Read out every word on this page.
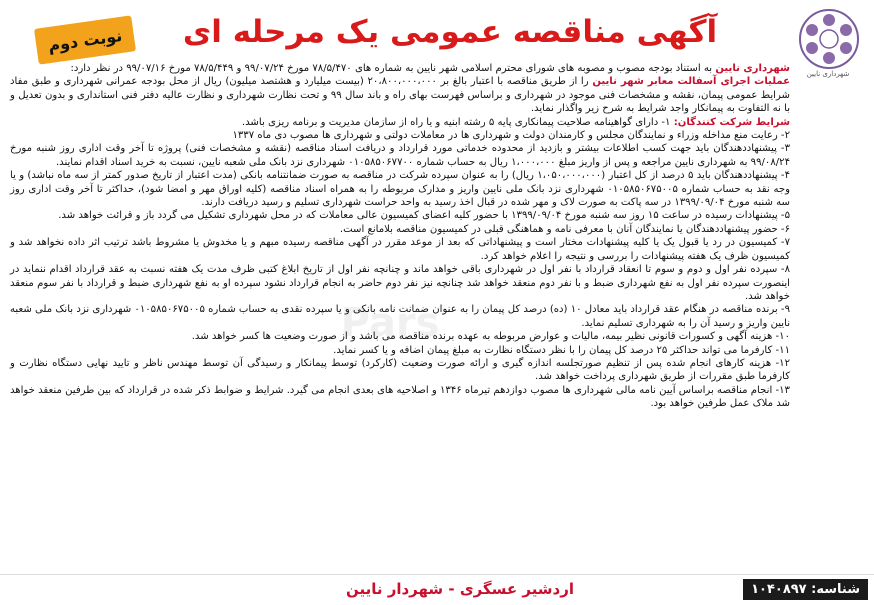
نوبت دوم	آگهی مناقصه عمومی یک مرحله ای
شهرداری نایین
Pars

شهرداری نایین به استناد بودجه مصوب و مصوبه های شورای محترم اسلامی شهر نایین به شماره های ۷۸/۵/۴۷۰ مورخ ۹۹/۰۷/۲۴ و ۷۸/۵/۴۴۹ مورخ ۹۹/۰۷/۱۶ در نظر دارد:

عملیات اجرای آسفالت معابر شهر نایین را از طریق مناقصه با اعتبار بالغ بر ۲۰،۸۰۰،۰۰۰،۰۰۰ (بیست میلیارد و هشتصد میلیون) ریال از محل بودجه عمرانی شهرداری و طبق مفاد شرایط عمومی پیمان، نقشه و مشخصات فنی موجود در شهرداری و براساس فهرست بهای راه و باند سال ۹۹ و تحت نظارت شهرداری و نظارت عالیه دفتر فنی استانداری و بدون تعدیل و با نه التفاوت به پیمانکار واجد شرایط به شرح زیر واگذار نماید.

شرایط شرکت کنندگان: ۱- دارای گواهینامه صلاحیت پیمانکاری پایه ۵ رشته ابنیه و یا راه از سازمان مدیریت و برنامه ریزی باشد.

۲- رعایت منع مداخله وزراء و نمایندگان مجلس و کارمندان دولت و شهرداری ها در معاملات دولتی و شهرداری ها مصوب دی ماه ۱۳۳۷

۳- پیشنهاددهندگان باید جهت کسب اطلاعات بیشتر و بازدید از محدوده خدماتی مورد قرارداد و دریافت اسناد مناقصه (نقشه و مشخصات فنی) پروژه تا آخر وقت اداری روز شنبه مورخ ۹۹/۰۸/۲۴ به شهرداری نایین مراجعه و پس از واریز مبلغ ۱،۰۰۰،۰۰۰ ریال به حساب شماره ۰۱۰۵۸۵۰۶۷۷۰۰ شهرداری نزد بانک ملی شعبه نایین، نسبت به خرید اسناد اقدام نمایند.

۴- پیشنهاددهندگان باید ۵ درصد از کل اعتبار (۱،۰۵۰،۰۰۰،۰۰۰ ریال) را به عنوان سپرده شرکت در مناقصه به صورت ضمانتنامه بانکی (مدت اعتبار از تاریخ صدور کمتر از سه ماه نباشد) و یا وجه نقد به حساب شماره ۰۱۰۵۸۵۰۶۷۵۰۰۵ شهرداری نزد بانک ملی نایین واریز و مدارک مربوطه را به همراه اسناد مناقصه (کلیه اوراق مهر و امضا شود)، حداکثر تا آخر وقت اداری روز سه شنبه مورخ ۱۳۹۹/۰۹/۰۴ در سه پاکت به صورت لاک و مهر شده در قبال اخذ رسید به واحد حراست شهرداری تسلیم و رسید دریافت دارند.

۵- پیشنهادات رسیده در ساعت ۱۵ روز سه شنبه مورخ ۱۳۹۹/۰۹/۰۴ با حضور کلیه اعضای کمیسیون عالی معاملات که در محل شهرداری تشکیل می گردد باز و قرائت خواهد شد.

۶- حضور پیشنهاددهندگان یا نمایندگان آنان با معرفی نامه و هماهنگی قبلی در کمیسیون مناقصه بلامانع است.

۷- کمیسیون در رد یا قبول یک یا کلیه پیشنهادات مختار است و پیشنهاداتی که بعد از موعد مقرر در آگهی مناقصه رسیده مبهم و یا مخدوش یا مشروط باشد ترتیب اثر داده نخواهد شد و کمیسیون ظرف یک هفته پیشنهادات را بررسی و نتیجه را اعلام خواهد کرد.

۸- سپرده نفر اول و دوم و سوم تا انعقاد قرارداد با نفر اول در شهرداری باقی خواهد ماند و چنانچه نفر اول از تاریخ ابلاغ کتبی ظرف مدت یک هفته نسبت به عقد قرارداد اقدام ننماید در اینصورت سپرده نفر اول به نفع شهرداری ضبط و با نفر دوم منعقد خواهد شد چنانچه نیز نفر دوم حاضر به انجام قرارداد نشود سپرده او به نفع شهرداری ضبط و قرارداد با نفر سوم منعقد خواهد شد.

۹- برنده مناقصه در هنگام عقد قرارداد باید معادل ۱۰ (ده) درصد کل پیمان را به عنوان ضمانت نامه بانکی و یا سپرده نقدی به حساب شماره ۰۱۰۵۸۵۰۶۷۵۰۰۵ شهرداری نزد بانک ملی شعبه نایین واریز و رسید آن را به شهرداری تسلیم نماید.

۱۰- هزینه آگهی و کسورات قانونی نظیر بیمه، مالیات و عوارض مربوطه به عهده برنده مناقصه می باشد و از صورت وضعیت ها کسر خواهد شد.

۱۱- کارفرما می تواند حداکثر ۲۵ درصد کل پیمان را با نظر دستگاه نظارت به مبلغ پیمان اضافه و یا کسر نماید.

۱۲- هزینه کارهای انجام شده پس از تنظیم صورتجلسه اندازه گیری و ارائه صورت وضعیت (کارکرد) توسط پیمانکار و رسیدگی آن توسط مهندس ناظر و تایید نهایی دستگاه نظارت و کارفرما طبق مقررات از طریق شهرداری پرداخت خواهد شد.

۱۳- انجام مناقصه براساس آیین نامه مالی شهرداری ها مصوب دوازدهم تیرماه ۱۳۴۶ و اصلاحیه های بعدی انجام می گیرد. شرایط و ضوابط ذکر شده در قرارداد که بین طرفین منعقد خواهد شد ملاک عمل طرفین خواهد بود.

اردشیر عسگری - شهردار نایین	شناسه: ۱۰۴۰۸۹۷
